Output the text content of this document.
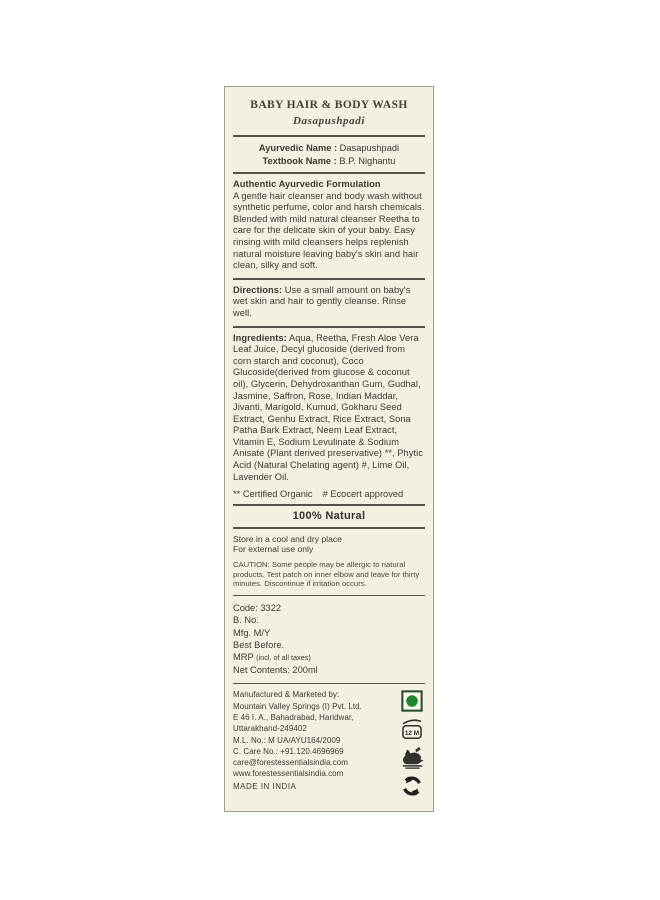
BABY HAIR & BODY WASH
Dasapushpadi
Ayurvedic Name : Dasapushpadi
Textbook Name : B.P. Nighantu
Authentic Ayurvedic Formulation

A gentle hair cleanser and body wash without synthetic perfume, color and harsh chemicals. Blended with mild natural cleanser Reetha to care for the delicate skin of your baby. Easy rinsing with mild cleansers helps replenish natural moisture leaving baby's skin and hair clean, silky and soft.

Directions: Use a small amount on baby's wet skin and hair to gently cleanse. Rinse well.

Ingredients: Aqua, Reetha, Fresh Aloe Vera Leaf Juice, Decyl glucoside (derived from corn starch and coconut), Coco Glucoside(derived from glucose & coconut oil), Glycerin, Dehydroxanthan Gum, Gudhal, Jasmine, Saffron, Rose, Indian Maddar, Jivanti, Marigold, Kumud, Gokharu Seed Extract, Genhu Extract, Rice Extract, Sona Patha Bark Extract, Neem Leaf Extract, Vitamin E, Sodium Levulinate & Sodium Anisate (Plant derived preservative) **, Phytic Acid (Natural Chelating agent) #, Lime Oil, Lavender Oil.

** Certified Organic # Ecocert approved
100% Natural
Store in a cool and dry place
For external use only
CAUTION: Some people may be allergic to natural products. Test patch on inner elbow and leave for thirty minutes. Discontinue if irritation occurs.
Code: 3322
B. No.
Mfg. M/Y
Best Before.
MRP (incl. of all taxes)
Net Contents: 200ml
Manufactured & Marketed by:
Mountain Valley Springs (I) Pvt. Ltd.
E 46 I. A., Bahadrabad, Haridwar,
Uttarakhand-249402
M.L. No.: M UA/AYU164/2009
C. Care No.: +91.120.4696969
care@forestessentialsindia.com
www.forestessentialsindia.com
MADE IN INDIA
12 M
